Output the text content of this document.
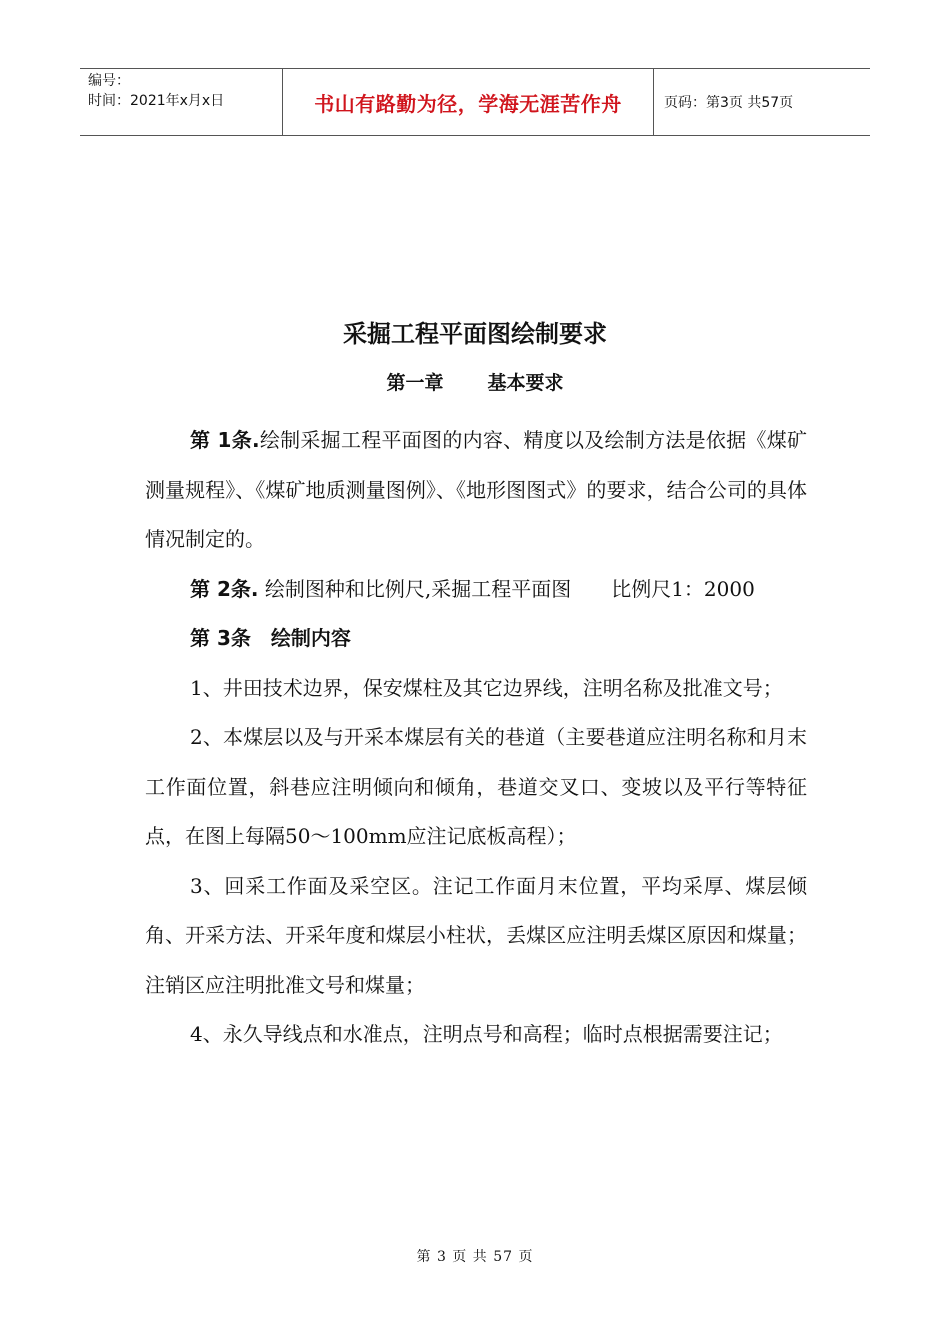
编号：
时间：2021年x月x日	书山有路勤为径，学海无涯苦作舟	页码：第3页 共57页
采掘工程平面图绘制要求
第一章 基本要求

第 1条.绘制采掘工程平面图的内容、精度以及绘制方法是依据《煤矿测量规程》、《煤矿地质测量图例》、《地形图图式》的要求，结合公司的具体情况制定的。

第 2条. 绘制图种和比例尺,采掘工程平面图　　比例尺1：2000

第 3条　绘制内容

1、井田技术边界，保安煤柱及其它边界线，注明名称及批准文号；

2、本煤层以及与开采本煤层有关的巷道（主要巷道应注明名称和月末工作面位置，斜巷应注明倾向和倾角，巷道交叉口、变坡以及平行等特征点，在图上每隔50～100mm应注记底板高程）；

3、回采工作面及采空区。注记工作面月末位置，平均采厚、煤层倾角、开采方法、开采年度和煤层小柱状，丢煤区应注明丢煤区原因和煤量；注销区应注明批准文号和煤量；

4、永久导线点和水准点，注明点号和高程；临时点根据需要注记；

第 3 页 共 57 页
